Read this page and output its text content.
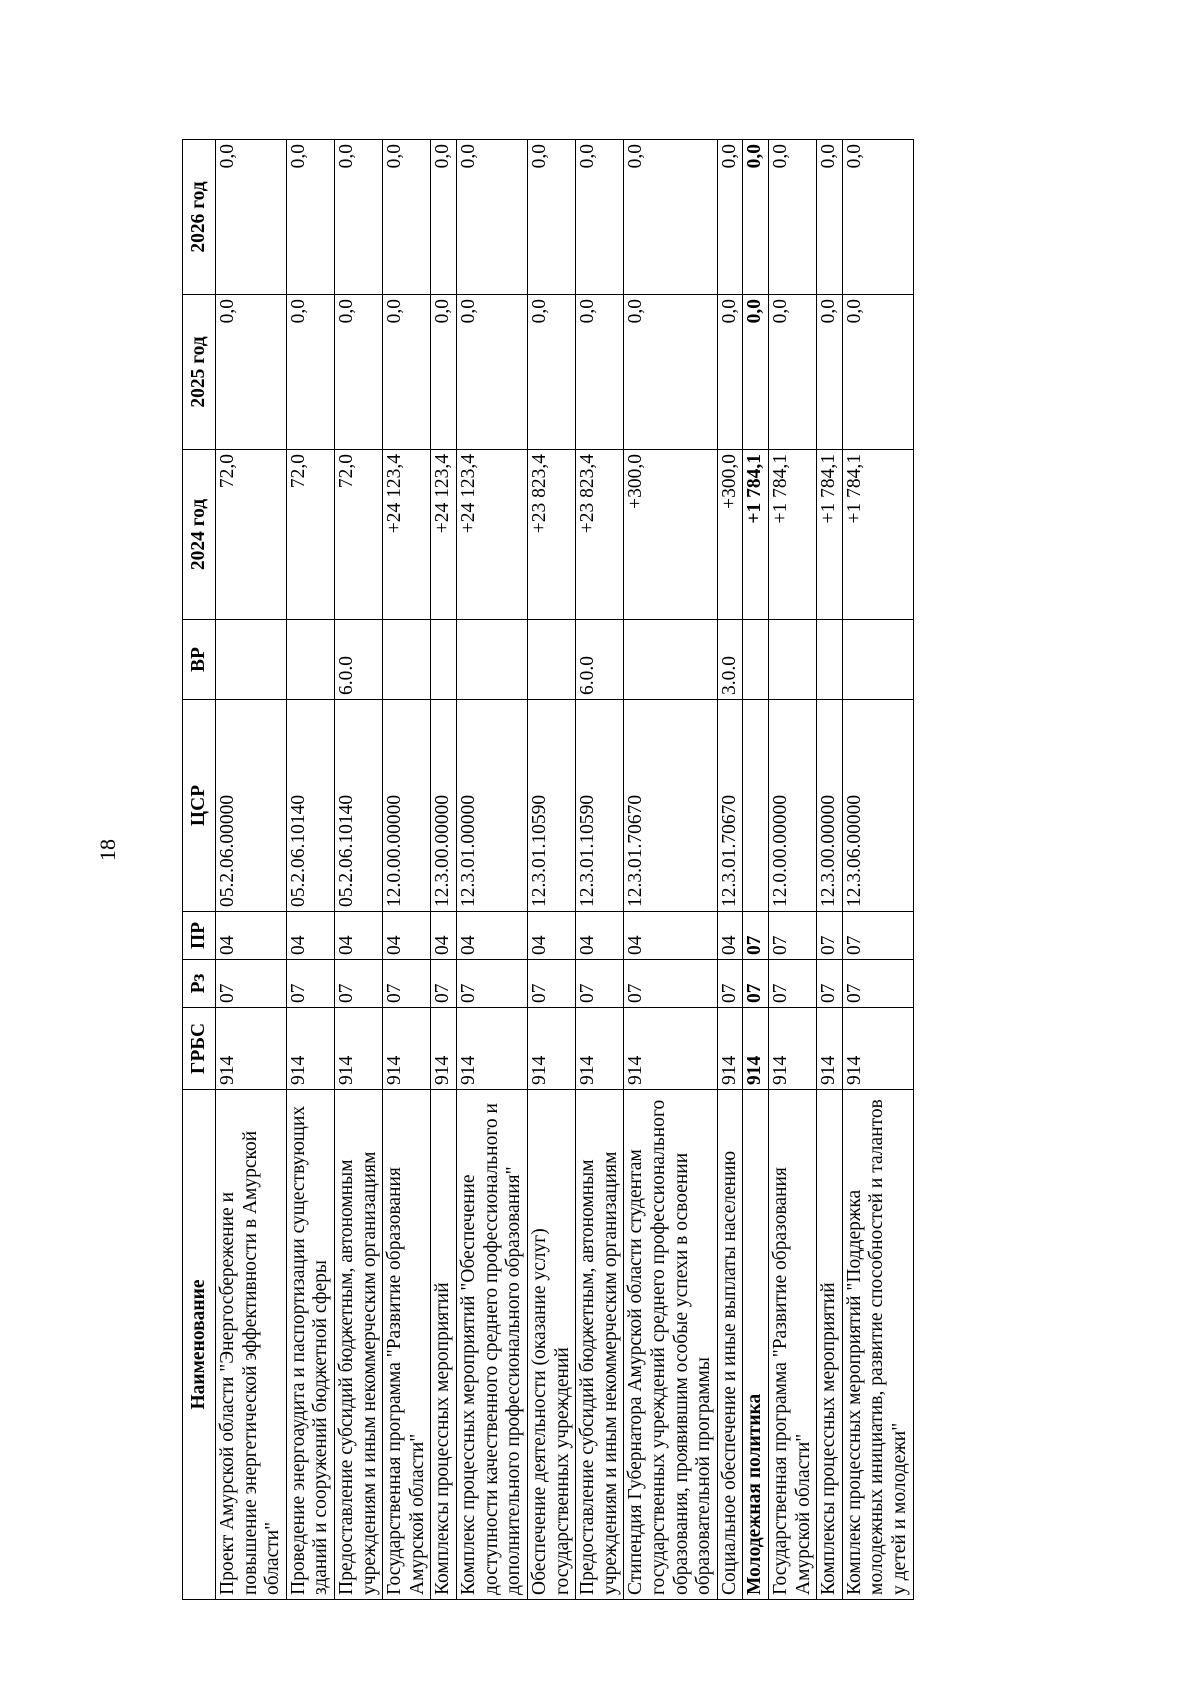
18
Наименование	ГРБС	Рз	ПР	ЦСР	ВР	2024 год	2025 год	2026 год
Проект Амурской области "Энергосбережение и повышение энергетической эффективности в Амурской области"	914	07	04	05.2.06.00000		72,0	0,0	0,0
Проведение энергоаудита и паспортизации существующих зданий и сооружений бюджетной сферы	914	07	04	05.2.06.10140		72,0	0,0	0,0
Предоставление субсидий бюджетным, автономным учреждениям и иным некоммерческим организациям	914	07	04	05.2.06.10140	6.0.0	72,0	0,0	0,0
Государственная программа "Развитие образования Амурской области"	914	07	04	12.0.00.00000		+24 123,4	0,0	0,0
Комплексы процессных мероприятий	914	07	04	12.3.00.00000		+24 123,4	0,0	0,0
Комплекс процессных мероприятий "Обеспечение доступности качественного среднего профессионального и дополнительного профессионального образования"	914	07	04	12.3.01.00000		+24 123,4	0,0	0,0
Обеспечение деятельности (оказание услуг) государственных учреждений	914	07	04	12.3.01.10590		+23 823,4	0,0	0,0
Предоставление субсидий бюджетным, автономным учреждениям и иным некоммерческим организациям	914	07	04	12.3.01.10590	6.0.0	+23 823,4	0,0	0,0
Стипендия Губернатора Амурской области студентам государственных учреждений среднего профессионального образования, проявившим особые успехи в освоении образовательной программы	914	07	04	12.3.01.70670		+300,0	0,0	0,0
Социальное обеспечение и иные выплаты населению	914	07	04	12.3.01.70670	3.0.0	+300,0	0,0	0,0
Молодежная политика	914	07	07			+1 784,1	0,0	0,0
Государственная программа "Развитие образования Амурской области"	914	07	07	12.0.00.00000		+1 784,1	0,0	0,0
Комплексы процессных мероприятий	914	07	07	12.3.00.00000		+1 784,1	0,0	0,0
Комплекс процессных мероприятий "Поддержка молодежных инициатив, развитие способностей и талантов у детей и молодежи"	914	07	07	12.3.06.00000		+1 784,1	0,0	0,0
